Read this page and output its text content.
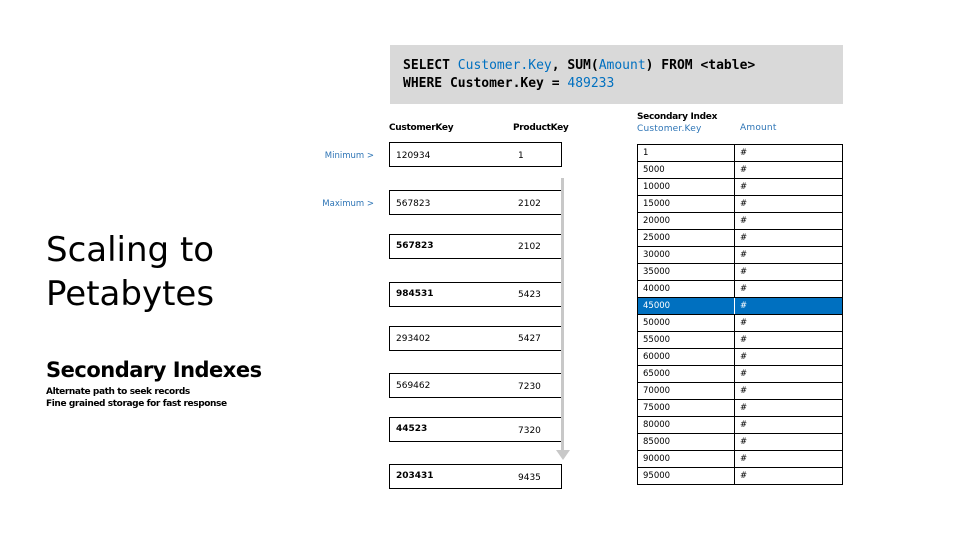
SELECT Customer.Key, SUM(Amount) FROM <table>
WHERE Customer.Key = 489233
Scaling to
Petabytes
Secondary Indexes
Alternate path to seek records
Fine grained storage for fast response
CustomerKey	ProductKey
Minimum >
Maximum >
120934	1
567823	2102
567823	2102
984531	5423
293402	5427
569462	7230
44523	7320
203431	9435
Secondary Index
Customer.Key	Amount
1	#
5000	#
10000	#
15000	#
20000	#
25000	#
30000	#
35000	#
40000	#
45000	#
50000	#
55000	#
60000	#
65000	#
70000	#
75000	#
80000	#
85000	#
90000	#
95000	#
